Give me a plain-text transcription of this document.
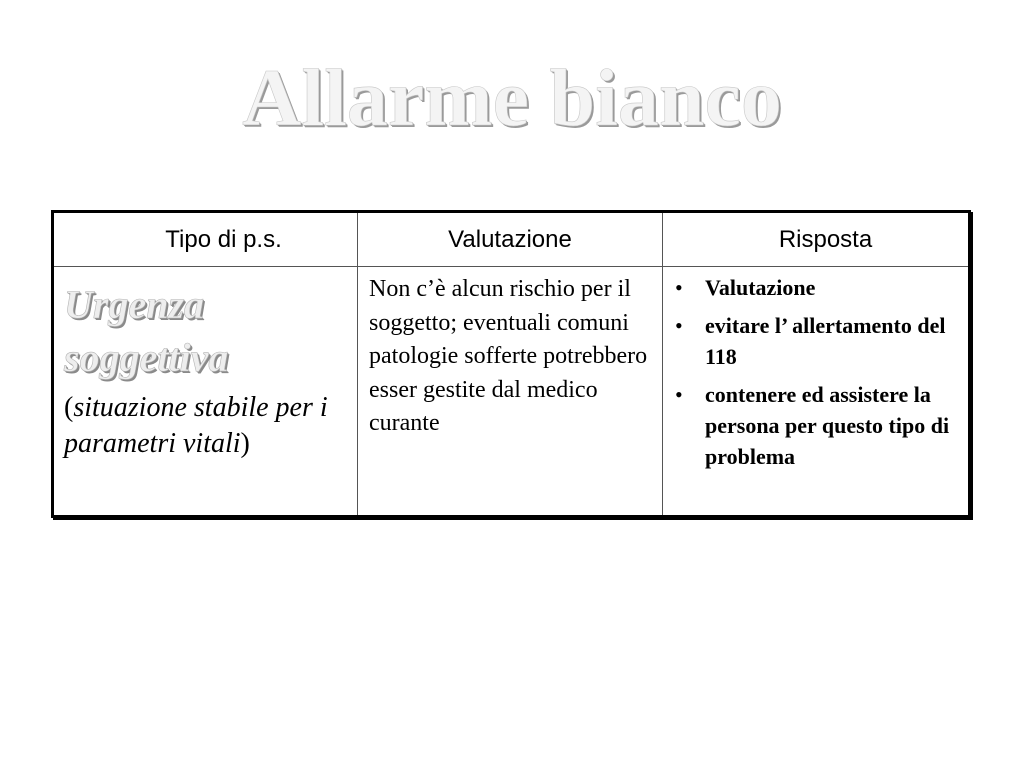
Allarme bianco
Tipo di p.s.	Valutazione	Risposta
Urgenza
soggettiva
(situazione stabile per i parametri vitali)
Non c’è alcun rischio per il soggetto; eventuali comuni patologie sofferte potrebbero esser gestite dal medico curante
• Valutazione
• evitare l’ allertamento del 118
• contenere ed assistere la persona per questo tipo di problema
